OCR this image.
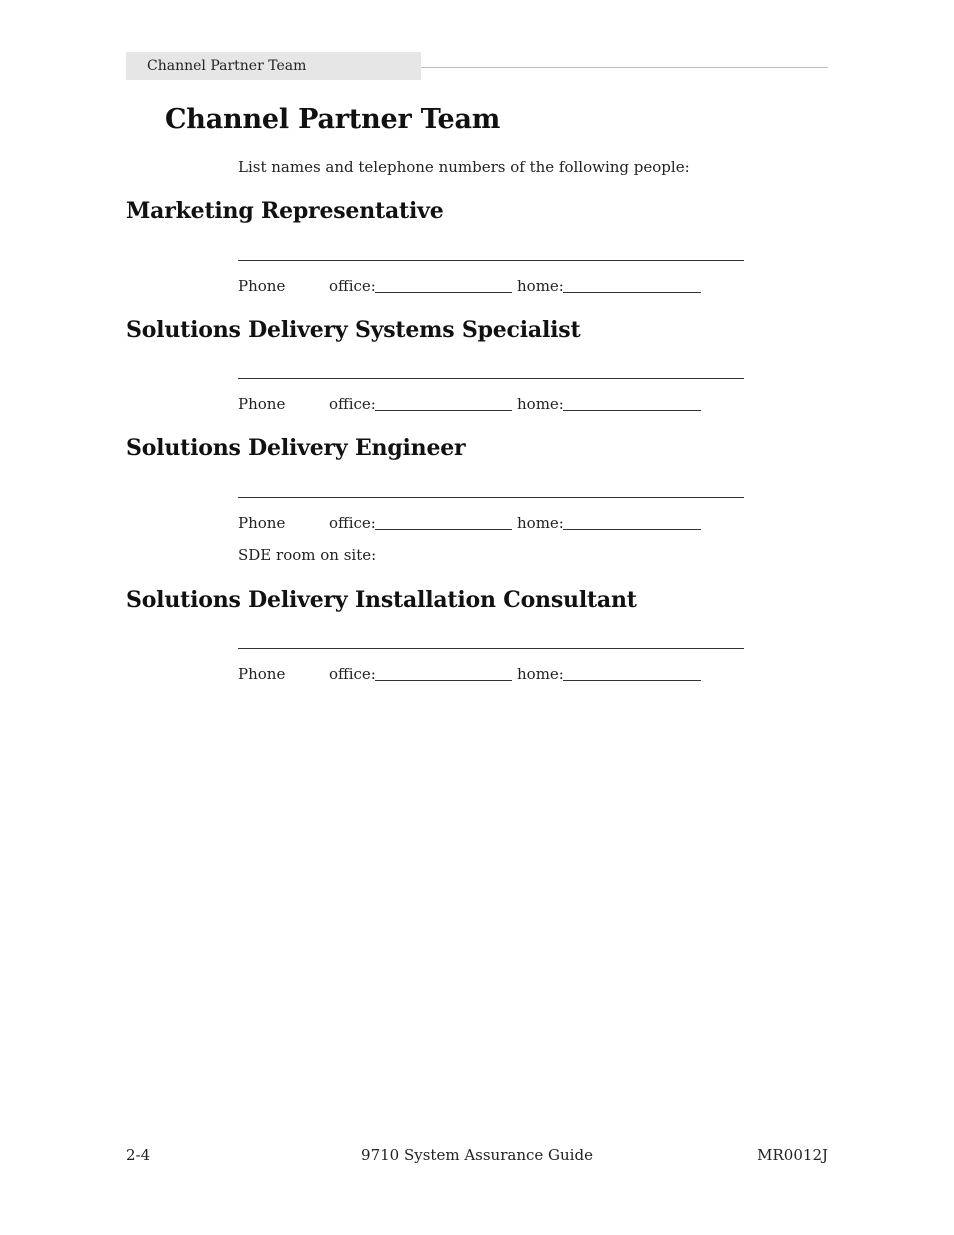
Channel Partner Team
Channel Partner Team
List names and telephone numbers of the following people:
Marketing Representative
Phone	office:	home:
Solutions Delivery Systems Specialist
Phone	office:	home:
Solutions Delivery Engineer
Phone	office:	home:
SDE room on site:
Solutions Delivery Installation Consultant
Phone	office:	home:
2-4	9710 System Assurance Guide	MR0012J
